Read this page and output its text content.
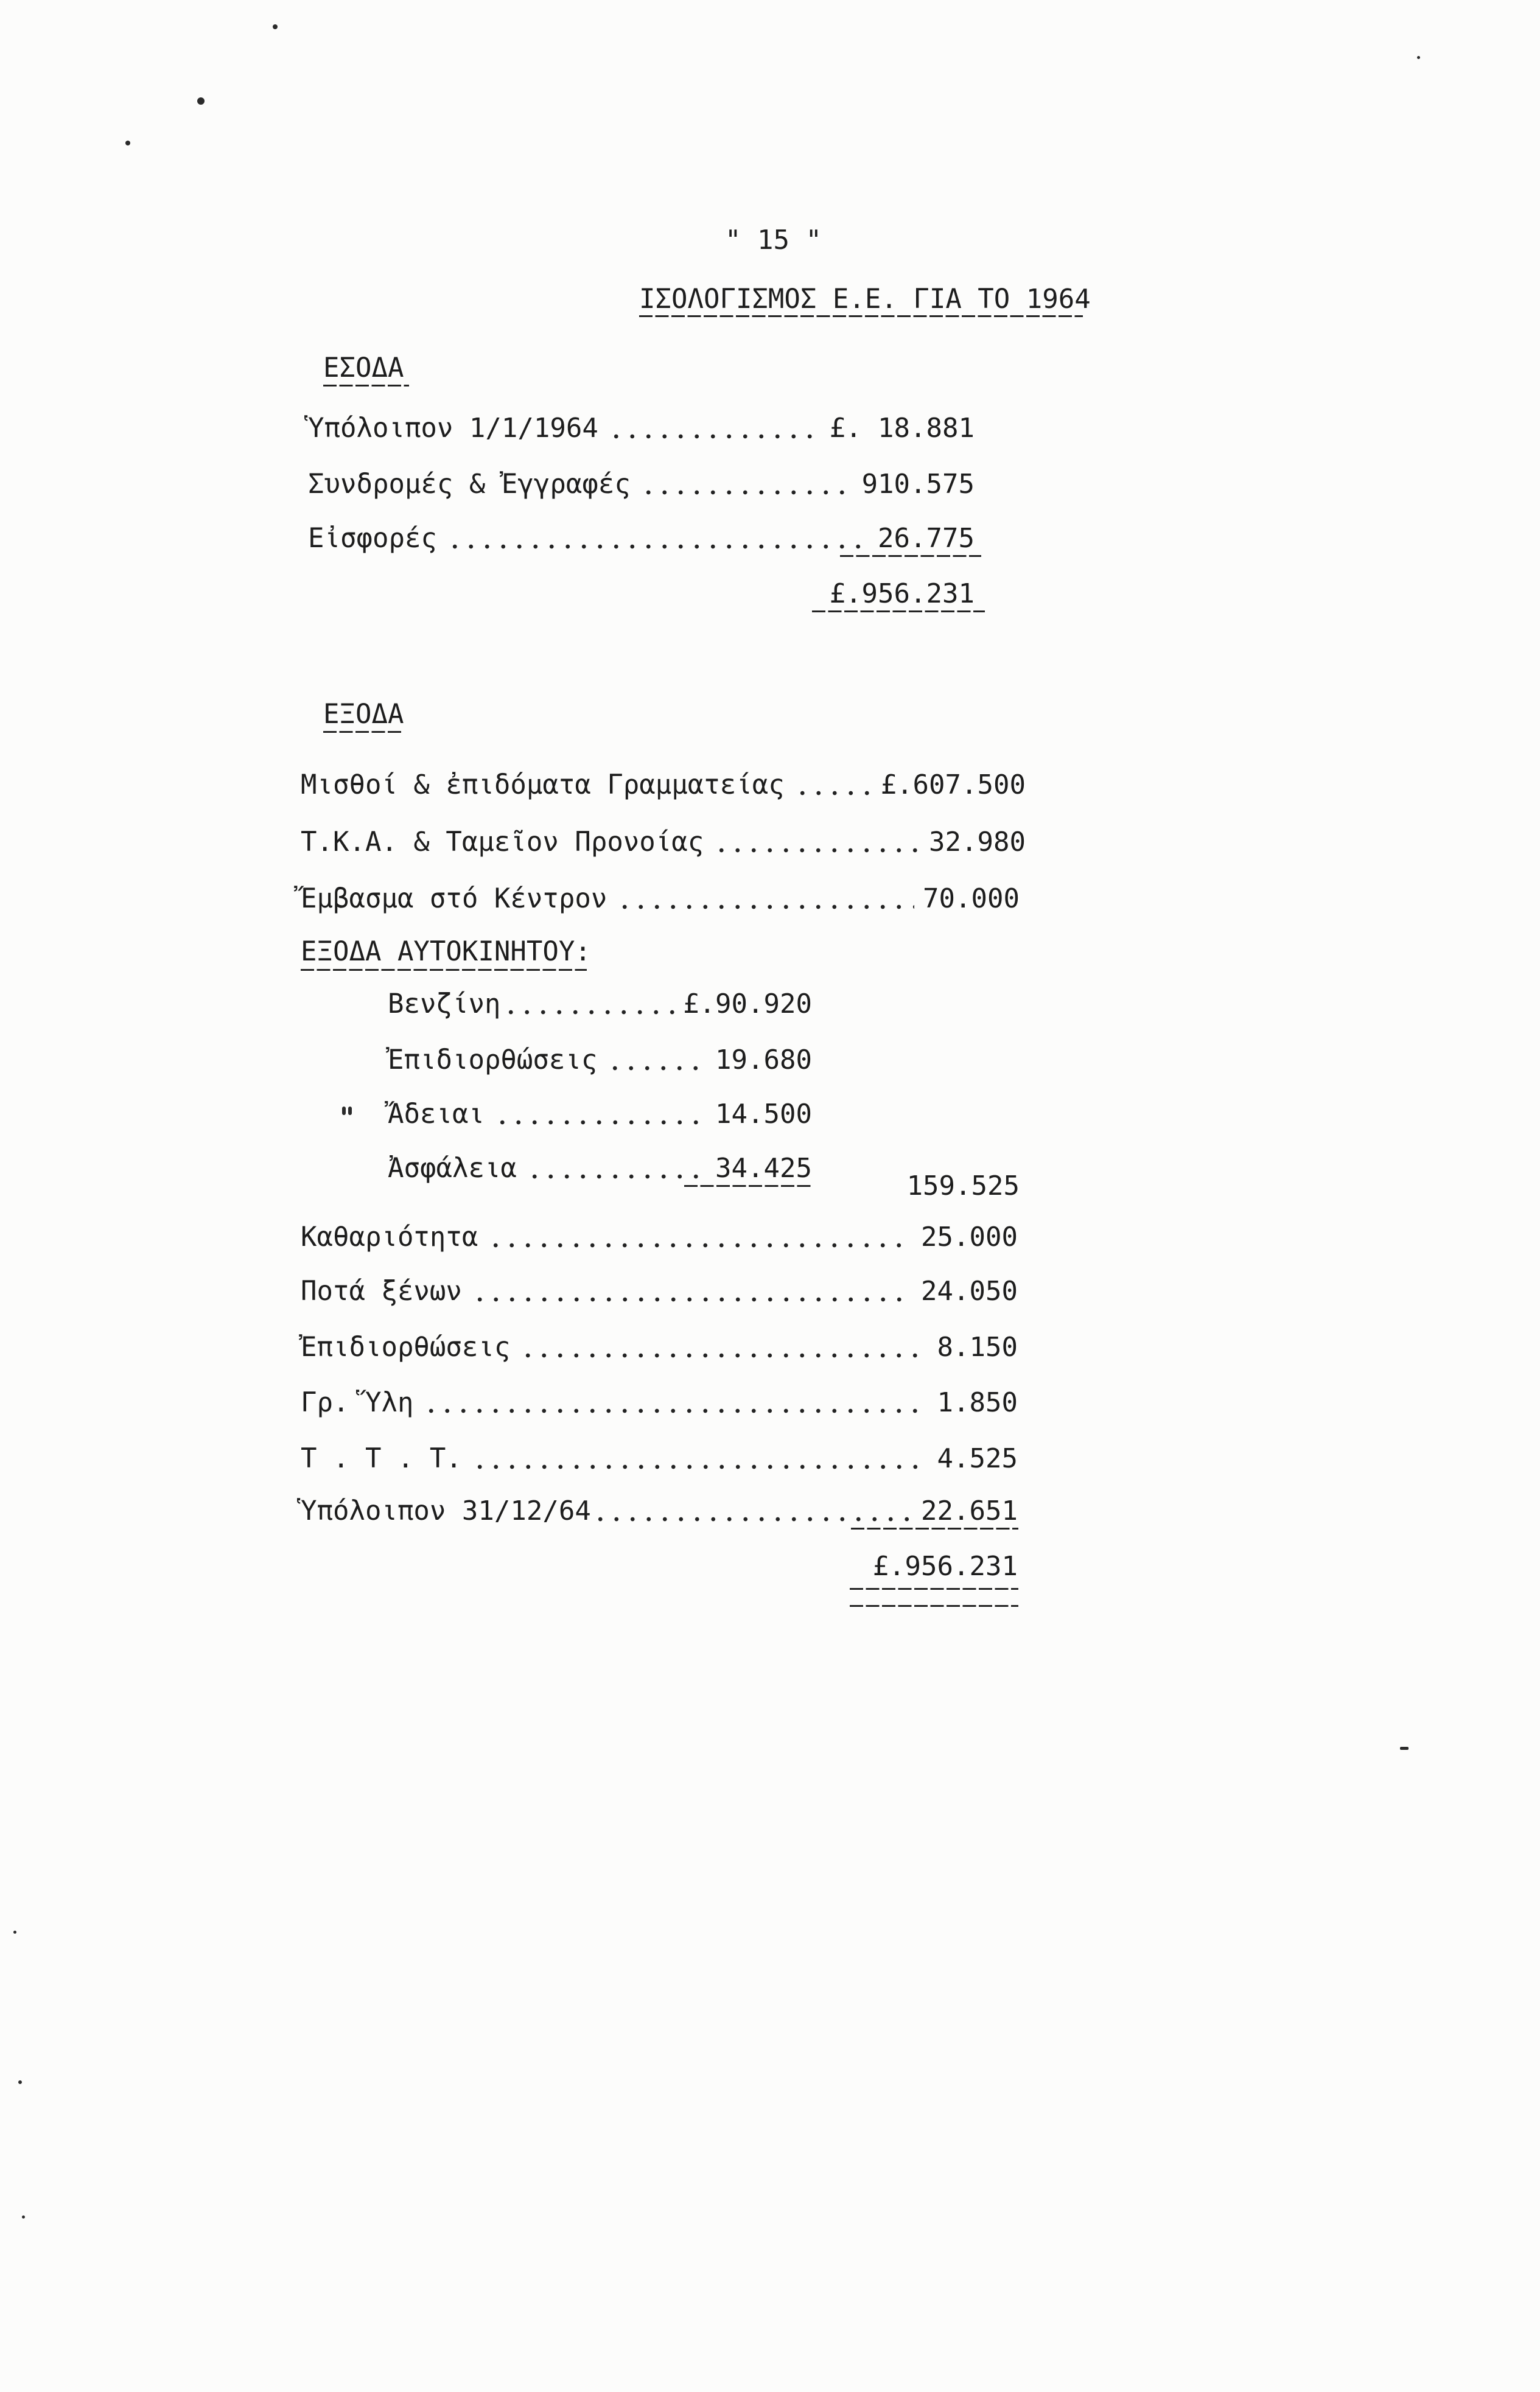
" 15 "
ΙΣΟΛΟΓΙΣΜΟΣ Ε.Ε. ΓΙΑ ΤΟ 1964
ΕΣΟΔΑ
Ὑπόλοιπον 1/1/1964	£. 18.881
Συνδρομές & Ἐγγραφές	910.575
Εἰσφορές	26.775
£.956.231
ΕΞΟΔΑ
Μισθοί & ἐπιδόματα Γραμματείας	£.607.500
Τ.Κ.Α. & Ταμεῖον Προνοίας	32.980
Ἔμβασμα στό Κέντρον	70.000
ΕΞΟΔΑ ΑΥΤΟΚΙΝΗΤΟΥ:
Βενζίνη	£.90.920
Ἐπιδιορθώσεις	19.680
Ἄδειαι	14.500
Ἀσφάλεια	34.425
159.525
Καθαριότητα	25.000
Ποτά ξένων	24.050
Ἐπιδιορθώσεις	8.150
Γρ. Ὕλη	1.850
Τ . Τ . Τ.	4.525
Ὑπόλοιπον 31/12/64	22.651
£.956.231
